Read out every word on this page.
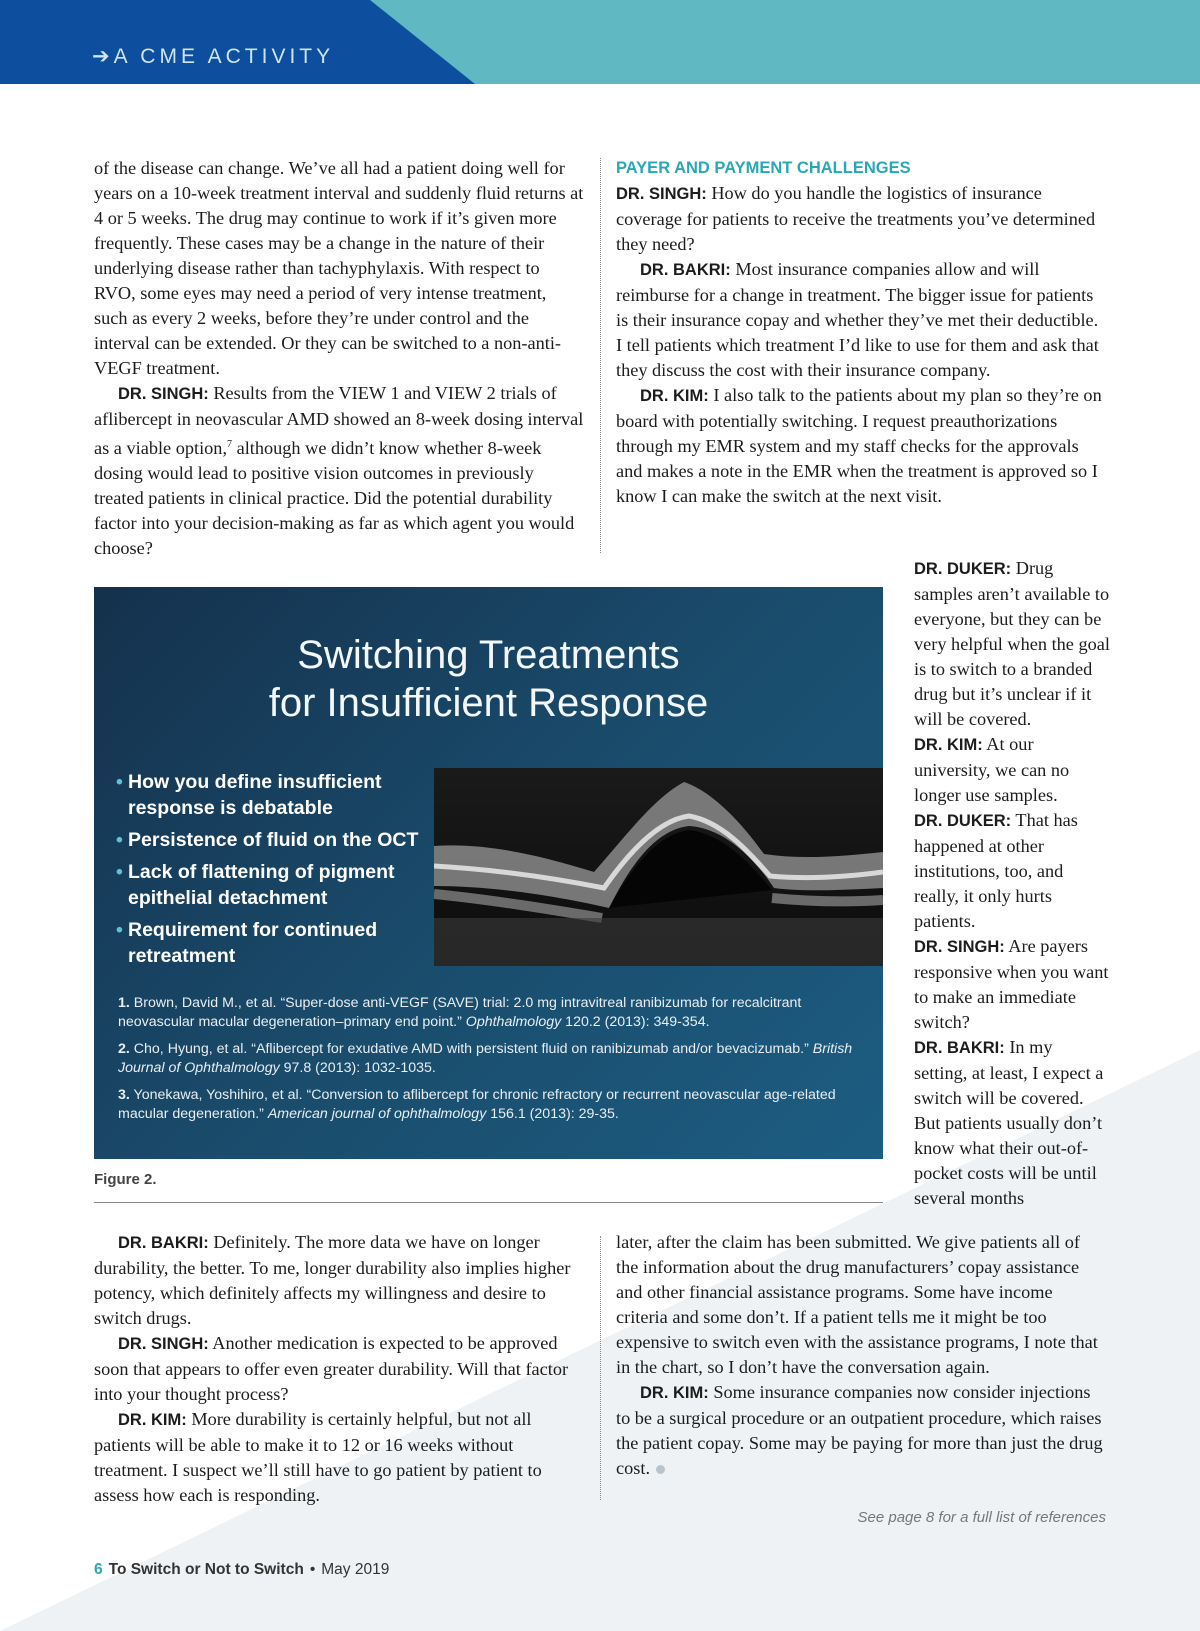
➔A CME ACTIVITY

of the disease can change. We’ve all had a patient doing well for years on a 10-week treatment interval and suddenly fluid returns at 4 or 5 weeks. The drug may continue to work if it’s given more frequently. These cases may be a change in the nature of their underlying disease rather than tachyphylaxis. With respect to RVO, some eyes may need a period of very intense treatment, such as every 2 weeks, before they’re under control and the interval can be extended. Or they can be switched to a non-anti-VEGF treatment.

DR. SINGH: Results from the VIEW 1 and VIEW 2 trials of aflibercept in neovascular AMD showed an 8-week dosing interval as a viable option,$^7$ although we didn’t know whether 8-week dosing would lead to positive vision outcomes in previously treated patients in clinical practice. Did the potential durability factor into your decision-making as far as which agent you would choose?

PAYER AND PAYMENT CHALLENGES

DR. SINGH: How do you handle the logistics of insurance coverage for patients to receive the treatments you’ve determined they need?

DR. BAKRI: Most insurance companies allow and will reimburse for a change in treatment. The bigger issue for patients is their insurance copay and whether they’ve met their deductible. I tell patients which treatment I’d like to use for them and ask that they discuss the cost with their insurance company.

DR. KIM: I also talk to the patients about my plan so they’re on board with potentially switching. I request preauthorizations through my EMR system and my staff checks for the approvals and makes a note in the EMR when the treatment is approved so I know I can make the switch at the next visit.

DR. DUKER: Drug samples aren’t available to everyone, but they can be very helpful when the goal is to switch to a branded drug but it’s unclear if it will be covered.

DR. KIM: At our university, we can no longer use samples.

DR. DUKER: That has happened at other institutions, too, and really, it only hurts patients.

DR. SINGH: Are payers responsive when you want to make an immediate switch?

DR. BAKRI: In my setting, at least, I expect a switch will be covered. But patients usually don’t know what their out-of-pocket costs will be until several months

Switching Treatments
for Insufficient Response
• How you define insufficient response is debatable
• Persistence of fluid on the OCT
• Lack of flattening of pigment epithelial detachment
• Requirement for continued retreatment

1. Brown, David M., et al. “Super-dose anti-VEGF (SAVE) trial: 2.0 mg intravitreal ranibizumab for recalcitrant neovascular macular degeneration–primary end point.” Ophthalmology 120.2 (2013): 349-354.

2. Cho, Hyung, et al. “Aflibercept for exudative AMD with persistent fluid on ranibizumab and/or bevacizumab.” British Journal of Ophthalmology 97.8 (2013): 1032-1035.

3. Yonekawa, Yoshihiro, et al. “Conversion to aflibercept for chronic refractory or recurrent neovascular age-related macular degeneration.” American journal of ophthalmology 156.1 (2013): 29-35.

Figure 2.

DR. BAKRI: Definitely. The more data we have on longer durability, the better. To me, longer durability also implies higher potency, which definitely affects my willingness and desire to switch drugs.

DR. SINGH: Another medication is expected to be approved soon that appears to offer even greater durability. Will that factor into your thought process?

DR. KIM: More durability is certainly helpful, but not all patients will be able to make it to 12 or 16 weeks without treatment. I suspect we’ll still have to go patient by patient to assess how each is responding.

later, after the claim has been submitted. We give patients all of the information about the drug manufacturers’ copay assistance and other financial assistance programs. Some have income criteria and some don’t. If a patient tells me it might be too expensive to switch even with the assistance programs, I note that in the chart, so I don’t have the conversation again.

DR. KIM: Some insurance companies now consider injections to be a surgical procedure or an outpatient procedure, which raises the patient copay. Some may be paying for more than just the drug cost.

See page 8 for a full list of references
6 To Switch or Not to Switch • May 2019
